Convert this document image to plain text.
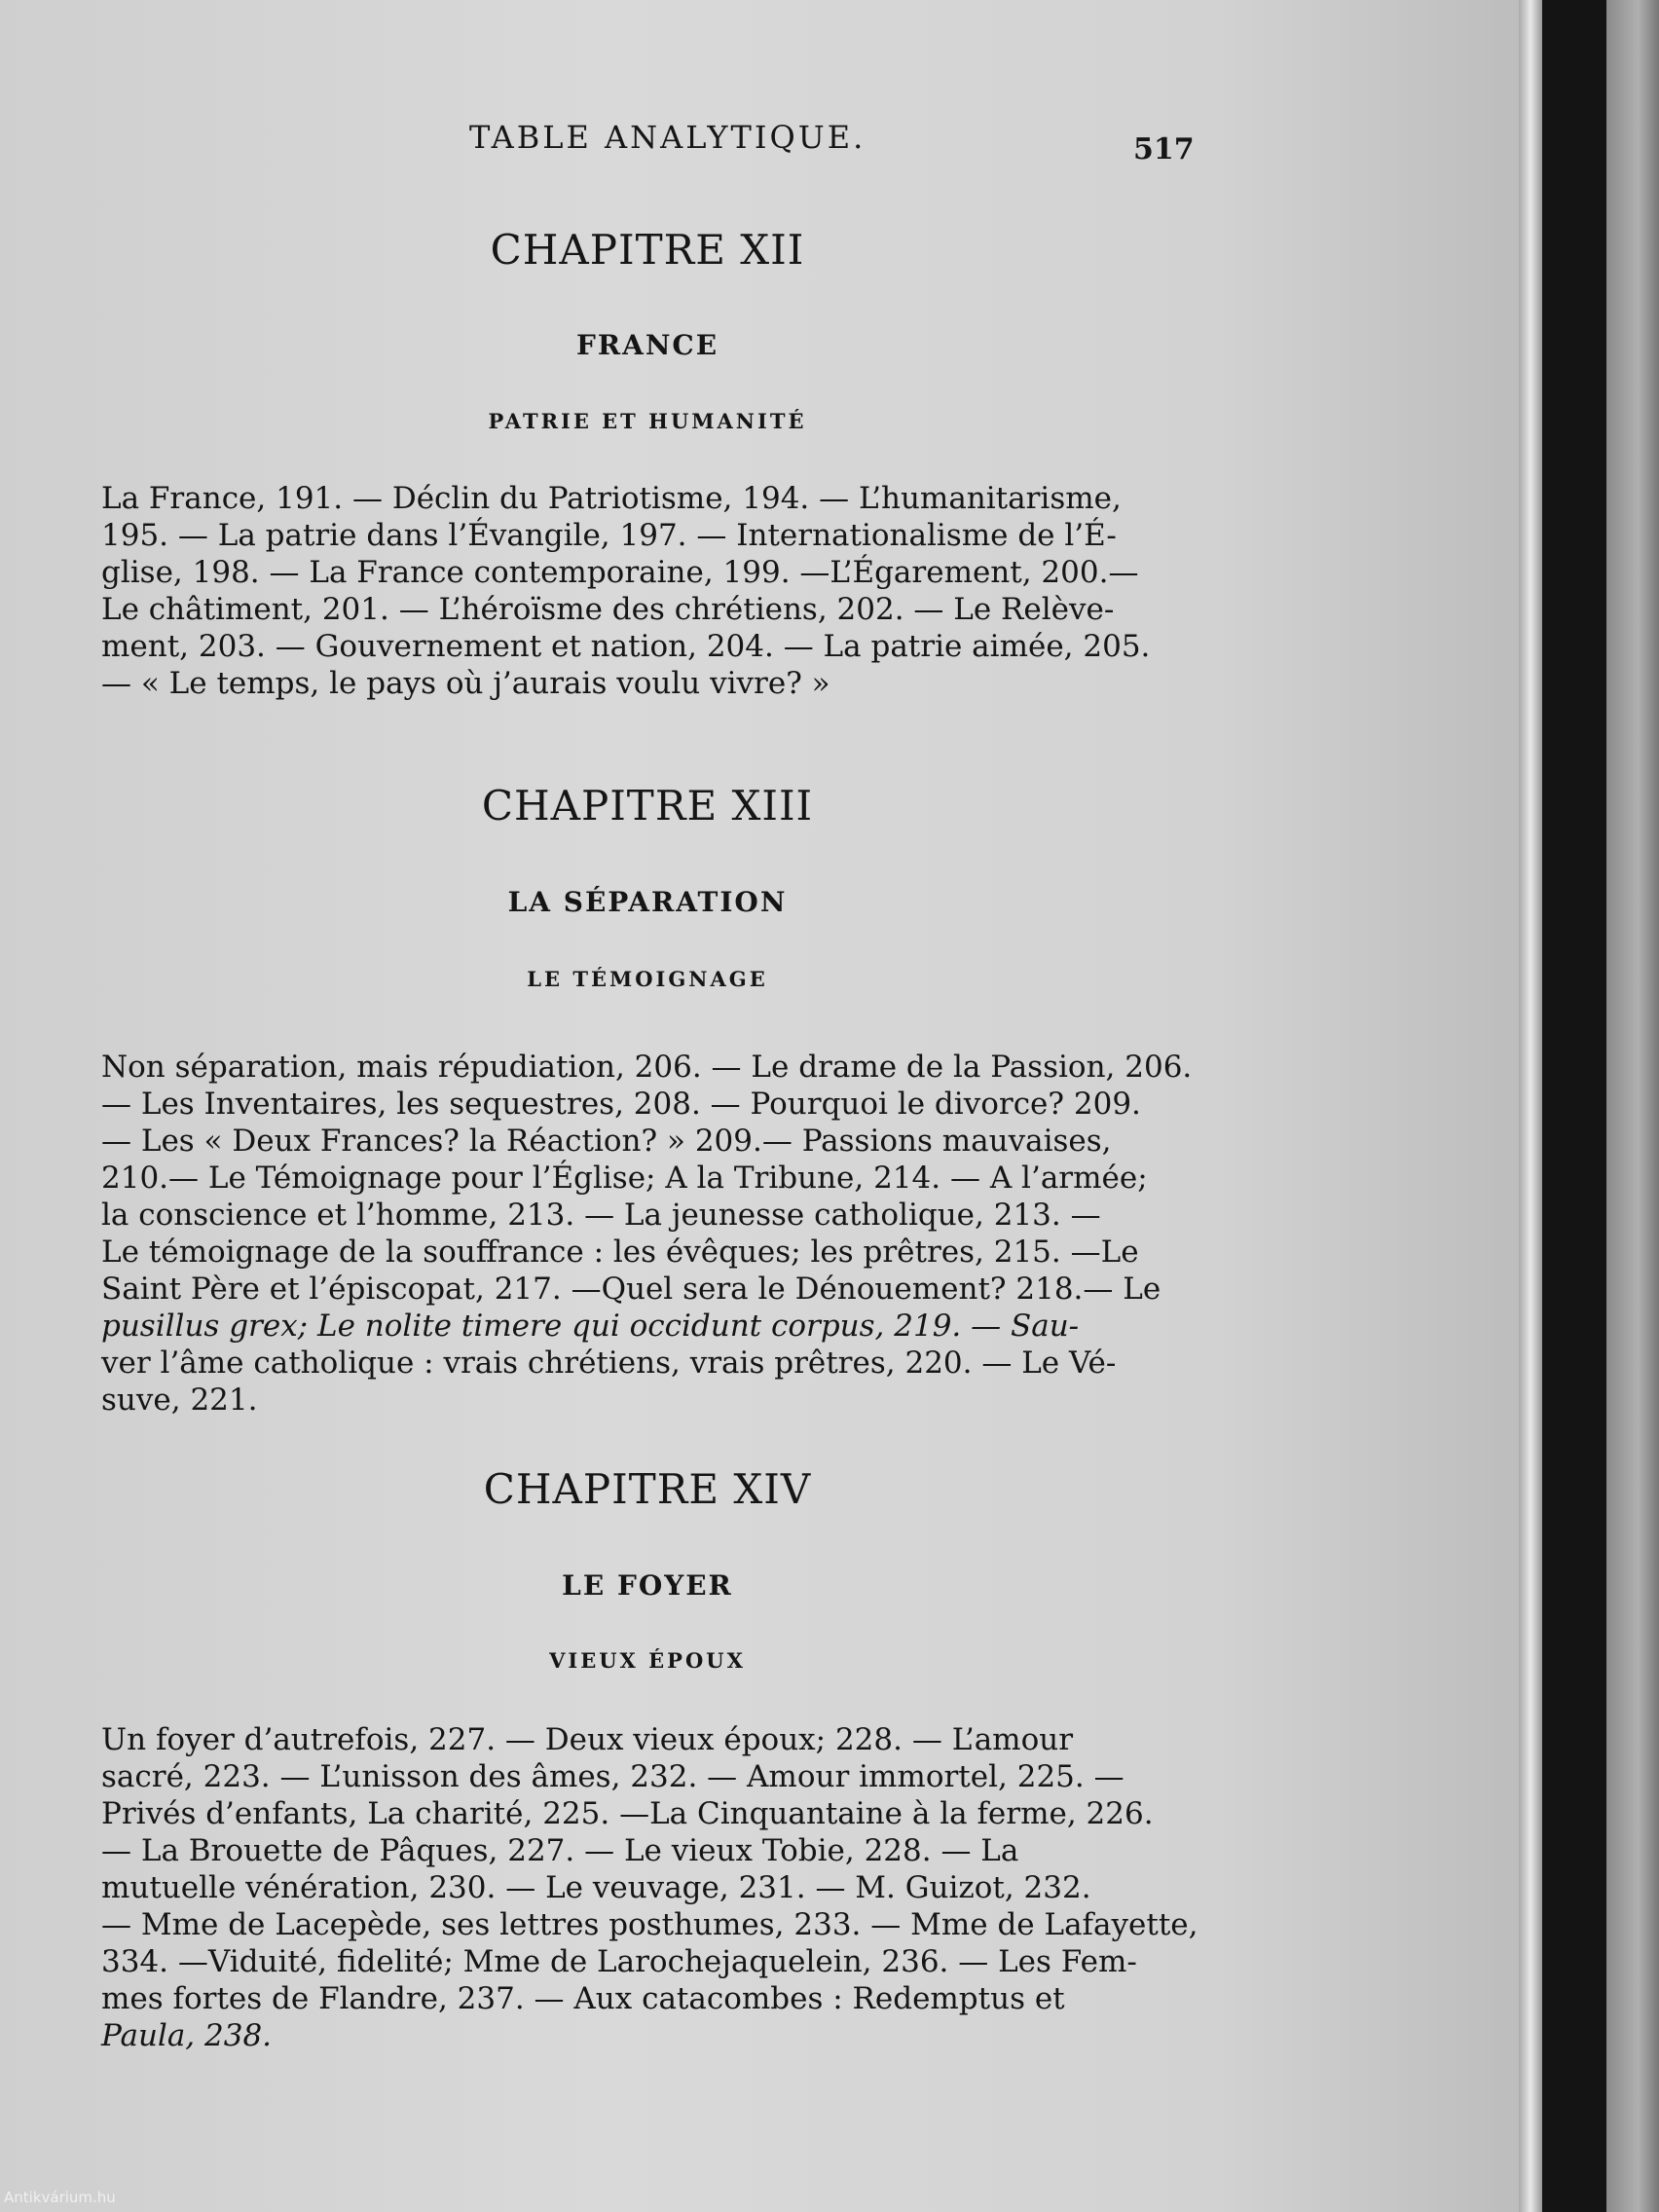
TABLE ANALYTIQUE.	517
CHAPITRE XII
FRANCE
PATRIE ET HUMANITÉ
La France, 191. — Déclin du Patriotisme, 194. — L’humanitarisme,
195. — La patrie dans l’Évangile, 197. — Internationalisme de l’É-
glise, 198. — La France contemporaine, 199. —L’Égarement, 200.—
Le châtiment, 201. — L’héroïsme des chrétiens, 202. — Le Relève-
ment, 203. — Gouvernement et nation, 204. — La patrie aimée, 205.
— « Le temps, le pays où j’aurais voulu vivre? »
CHAPITRE XIII
LA SÉPARATION
LE TÉMOIGNAGE
Non séparation, mais répudiation, 206. — Le drame de la Passion, 206.
— Les Inventaires, les sequestres, 208. — Pourquoi le divorce? 209.
— Les « Deux Frances? la Réaction? » 209.— Passions mauvaises,
210.— Le Témoignage pour l’Église; A la Tribune, 214. — A l’armée;
la conscience et l’homme, 213. — La jeunesse catholique, 213. —
Le témoignage de la souffrance : les évêques; les prêtres, 215. —Le
Saint Père et l’épiscopat, 217. —Quel sera le Dénouement? 218.— Le
pusillus grex; Le nolite timere qui occidunt corpus, 219. — Sau-
ver l’âme catholique : vrais chrétiens, vrais prêtres, 220. — Le Vé-
suve, 221.
CHAPITRE XIV
LE FOYER
VIEUX ÉPOUX
Un foyer d’autrefois, 227. — Deux vieux époux; 228. — L’amour
sacré, 223. — L’unisson des âmes, 232. — Amour immortel, 225. —
Privés d’enfants, La charité, 225. —La Cinquantaine à la ferme, 226.
— La Brouette de Pâques, 227. — Le vieux Tobie, 228. — La
mutuelle vénération, 230. — Le veuvage, 231. — M. Guizot, 232.
— Mme de Lacepède, ses lettres posthumes, 233. — Mme de Lafayette,
334. —Viduité, fidelité; Mme de Larochejaquelein, 236. — Les Fem-
mes fortes de Flandre, 237. — Aux catacombes : Redemptus et
Paula, 238.
Antikvárium.hu
